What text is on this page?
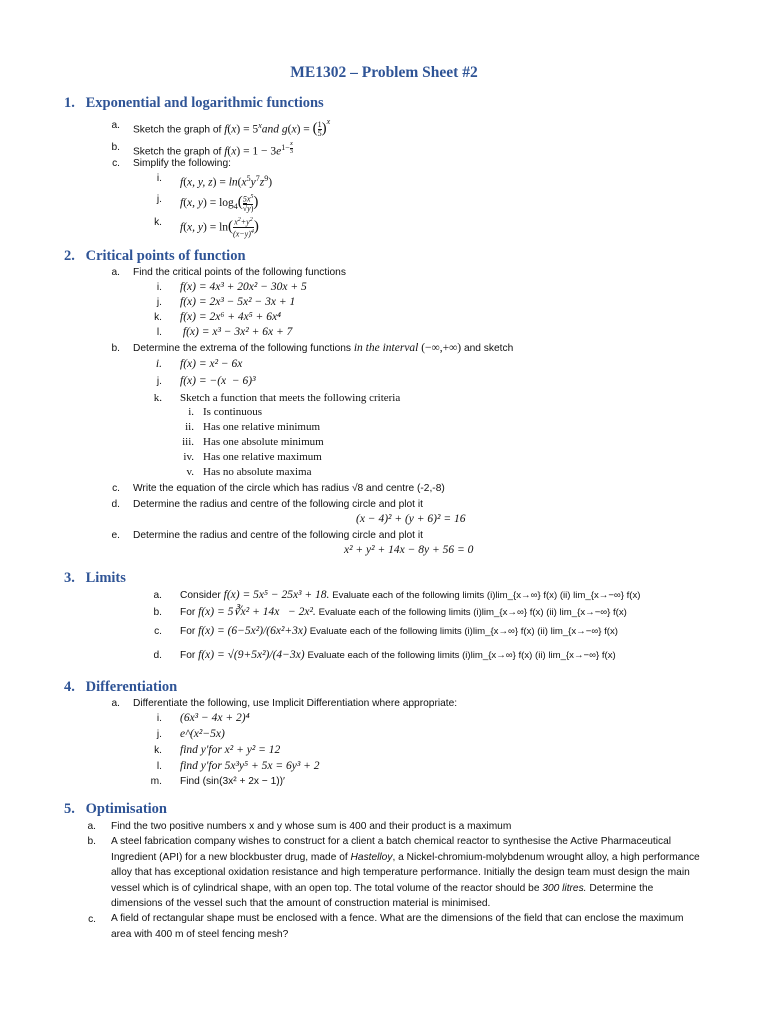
ME1302 – Problem Sheet #2
1. Exponential and logarithmic functions
a. Sketch the graph of $f(x) = 5^xand$ g(x) = ( $\frac{1}{5} )^x$
b. Sketch the graph of $f(x) = 1 - 3e^{1- \frac{x}{3}}$
c. Simplify the following:
i. f(x, y, $z) = \ln(x^5y^7z^9)$
j. f(x, $y) = \log_4( \frac{5x^5}{√y)}$ )
k. f(x, $y) = \ln( \frac{x^2+y^2}{(x-y)^4}$ )
2. Critical points of function
a. Find the critical points of the following functions
i. f(x) = 4x³ + 20x² − 30x + 5
j. f(x) = 2x³ − 5x² − 3x + 1
k. f(x) = 2x⁶ + 4x⁵ + 6x⁴
l. f(x) = x³ − 3x² + 6x + 7
b. Determine the extrema of the following functions in the interval (−∞,+∞) and sketch
i. f(x) = x² − 6x
j. f(x) = −(x  − 6)³
k. Sketch a function that meets the following criteria
i. Is continuous
ii. Has one relative minimum
iii. Has one absolute minimum
iv. Has one relative maximum
v. Has no absolute maxima
c. Write the equation of the circle which has radius √8 and centre (-2,-8)
d. Determine the radius and centre of the following circle and plot it
(x − 4)² + (y + 6)² = 16
e. Determine the radius and centre of the following circle and plot it
x² + y² + 14x − 8y + 56 = 0
3. Limits
a. Consider f(x) = 5x⁵ − 25x³ + 18. Evaluate each of the following limits (i)lim_{x→∞} f(x) (ii) lim_{x→−∞} f(x)
b. For f(x) = 5∛x² + 14x   − 2x². Evaluate each of the following limits (i)lim_{x→∞} f(x) (ii) lim_{x→−∞} f(x)
c. For f(x) = (6−5x²)/(6x²+3x) Evaluate each of the following limits (i)lim_{x→∞} f(x) (ii) lim_{x→−∞} f(x)
d. For f(x) = √(9+5x²)/(4−3x) Evaluate each of the following limits (i)lim_{x→∞} f(x) (ii) lim_{x→−∞} f(x)
4. Differentiation
a. Differentiate the following, use Implicit Differentiation where appropriate:
i. (6x³ − 4x + 2)⁴
j. e^(x²−5x)
k. find y′for x² + y² = 12
l. find y′for 5x³y⁵ + 5x = 6y³ + 2
m. Find (sin(3x² + 2x − 1))′
5. Optimisation
a. Find the two positive numbers x and y whose sum is 400 and their product is a maximum
b. A steel fabrication company wishes to construct for a client a batch chemical reactor to synthesise the Active Pharmaceutical Ingredient (API) for a new blockbuster drug, made of Hastelloy, a Nickel-chromium-molybdenum wrought alloy, a high performance alloy that has exceptional oxidation resistance and high temperature performance. Initially the design team must design the main vessel which is of cylindrical shape, with an open top. The total volume of the reactor should be 300 litres. Determine the dimensions of the vessel such that the amount of construction material is minimised.
c. A field of rectangular shape must be enclosed with a fence. What are the dimensions of the field that can enclose the maximum area with 400 m of steel fencing mesh?
